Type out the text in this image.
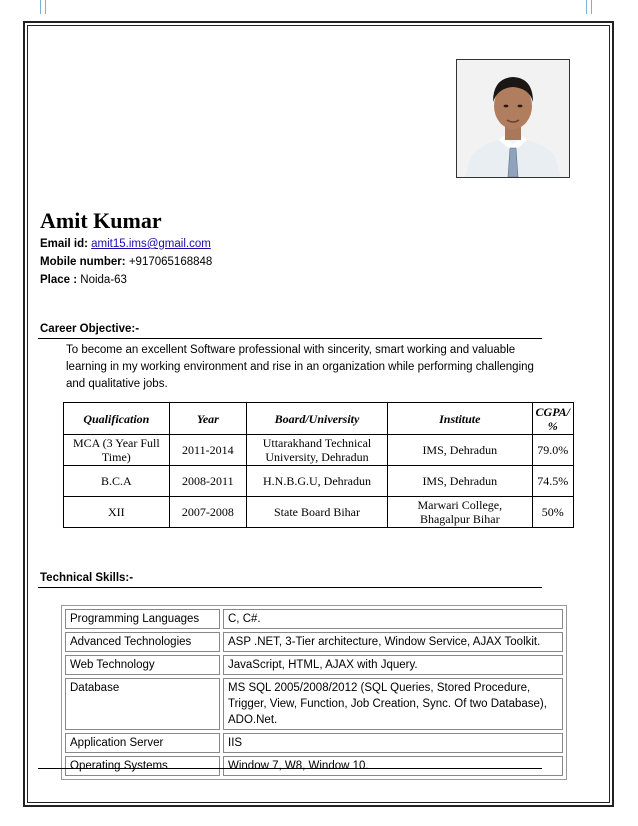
Amit Kumar
Email id: amit15.ims@gmail.com
Mobile number: +917065168848
Place : Noida-63
Career Objective:-
To become an excellent Software professional with sincerity, smart working and valuable learning in my working environment and rise in an organization while performing challenging and qualitative jobs.
Qualification	Year	Board/University	Institute	CGPA/ %
MCA (3 Year Full Time)	2011-2014	Uttarakhand Technical University, Dehradun	IMS, Dehradun	79.0%
B.C.A	2008-2011	H.N.B.G.U, Dehradun	IMS, Dehradun	74.5%
XII	2007-2008	State Board Bihar	Marwari College, Bhagalpur Bihar	50%
Technical Skills:-
Programming Languages	C, C#.
Advanced Technologies	ASP .NET, 3-Tier architecture, Window Service, AJAX Toolkit.
Web Technology	JavaScript, HTML, AJAX with Jquery.
Database	MS SQL 2005/2008/2012 (SQL Queries, Stored Procedure, Trigger, View, Function, Job Creation, Sync. Of two Database), ADO.Net.
Application Server	IIS
Operating Systems	Window 7, W8, Window 10.
